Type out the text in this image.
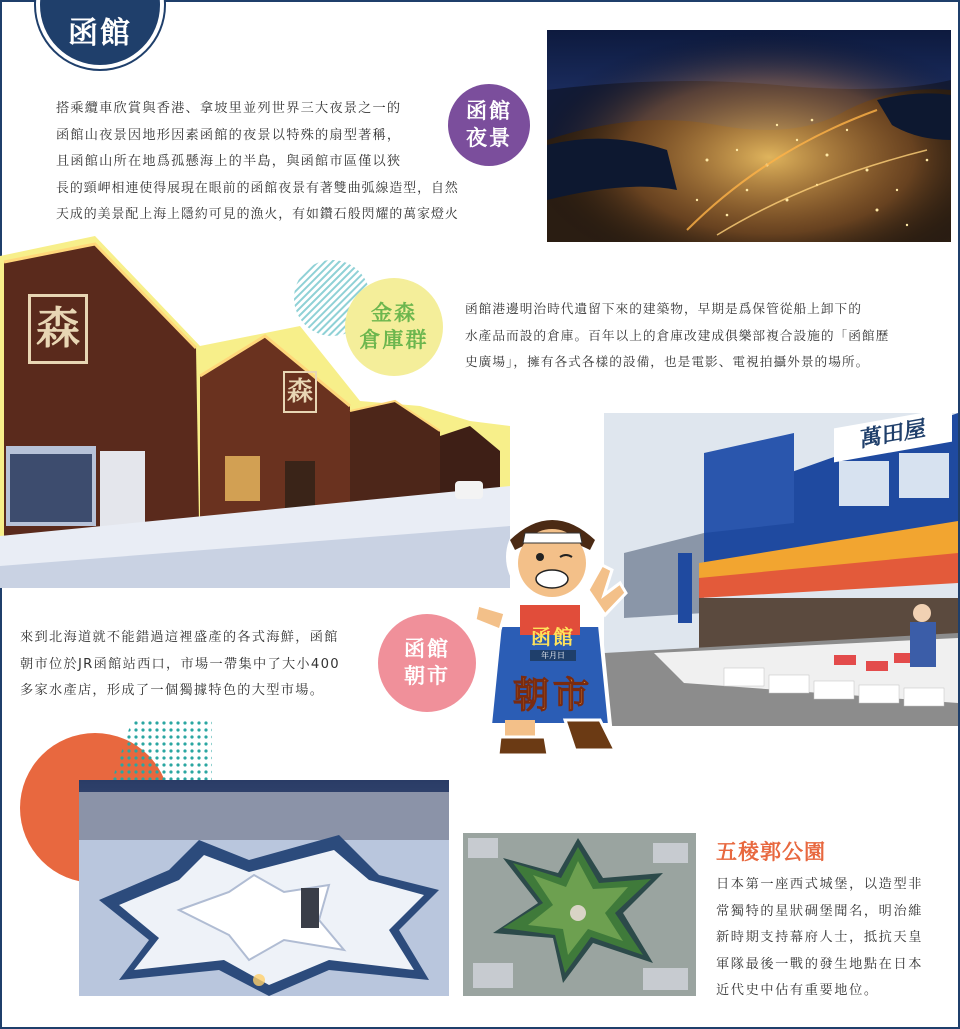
函館
搭乘纜車欣賞與香港、拿坡里並列世界三大夜景之一的
函館山夜景因地形因素函館的夜景以特殊的扇型著稱，
且函館山所在地爲孤懸海上的半島，與函館市區僅以狹
長的頸岬相連使得展現在眼前的函館夜景有著雙曲弧線造型，自然
天成的美景配上海上隱約可見的漁火，有如鑽石般閃耀的萬家燈火
函館
夜景
森
森
金森
倉庫群
函館港邊明治時代遺留下來的建築物，早期是爲保管從船上卸下的
水產品而設的倉庫。百年以上的倉庫改建成俱樂部複合設施的「函館歷
史廣場」，擁有各式各樣的設備，也是電影、電視拍攝外景的場所。
萬田屋
函館
年月日
朝市
來到北海道就不能錯過這裡盛產的各式海鮮，函館
朝市位於JR函館站西口，市場一帶集中了大小400
多家水產店，形成了一個獨據特色的大型市場。
函館
朝市
五稜郭公園
日本第一座西式城堡，以造型非
常獨特的星狀碉堡聞名，明治維
新時期支持幕府人士，抵抗天皇
軍隊最後一戰的發生地點在日本
近代史中佔有重要地位。
